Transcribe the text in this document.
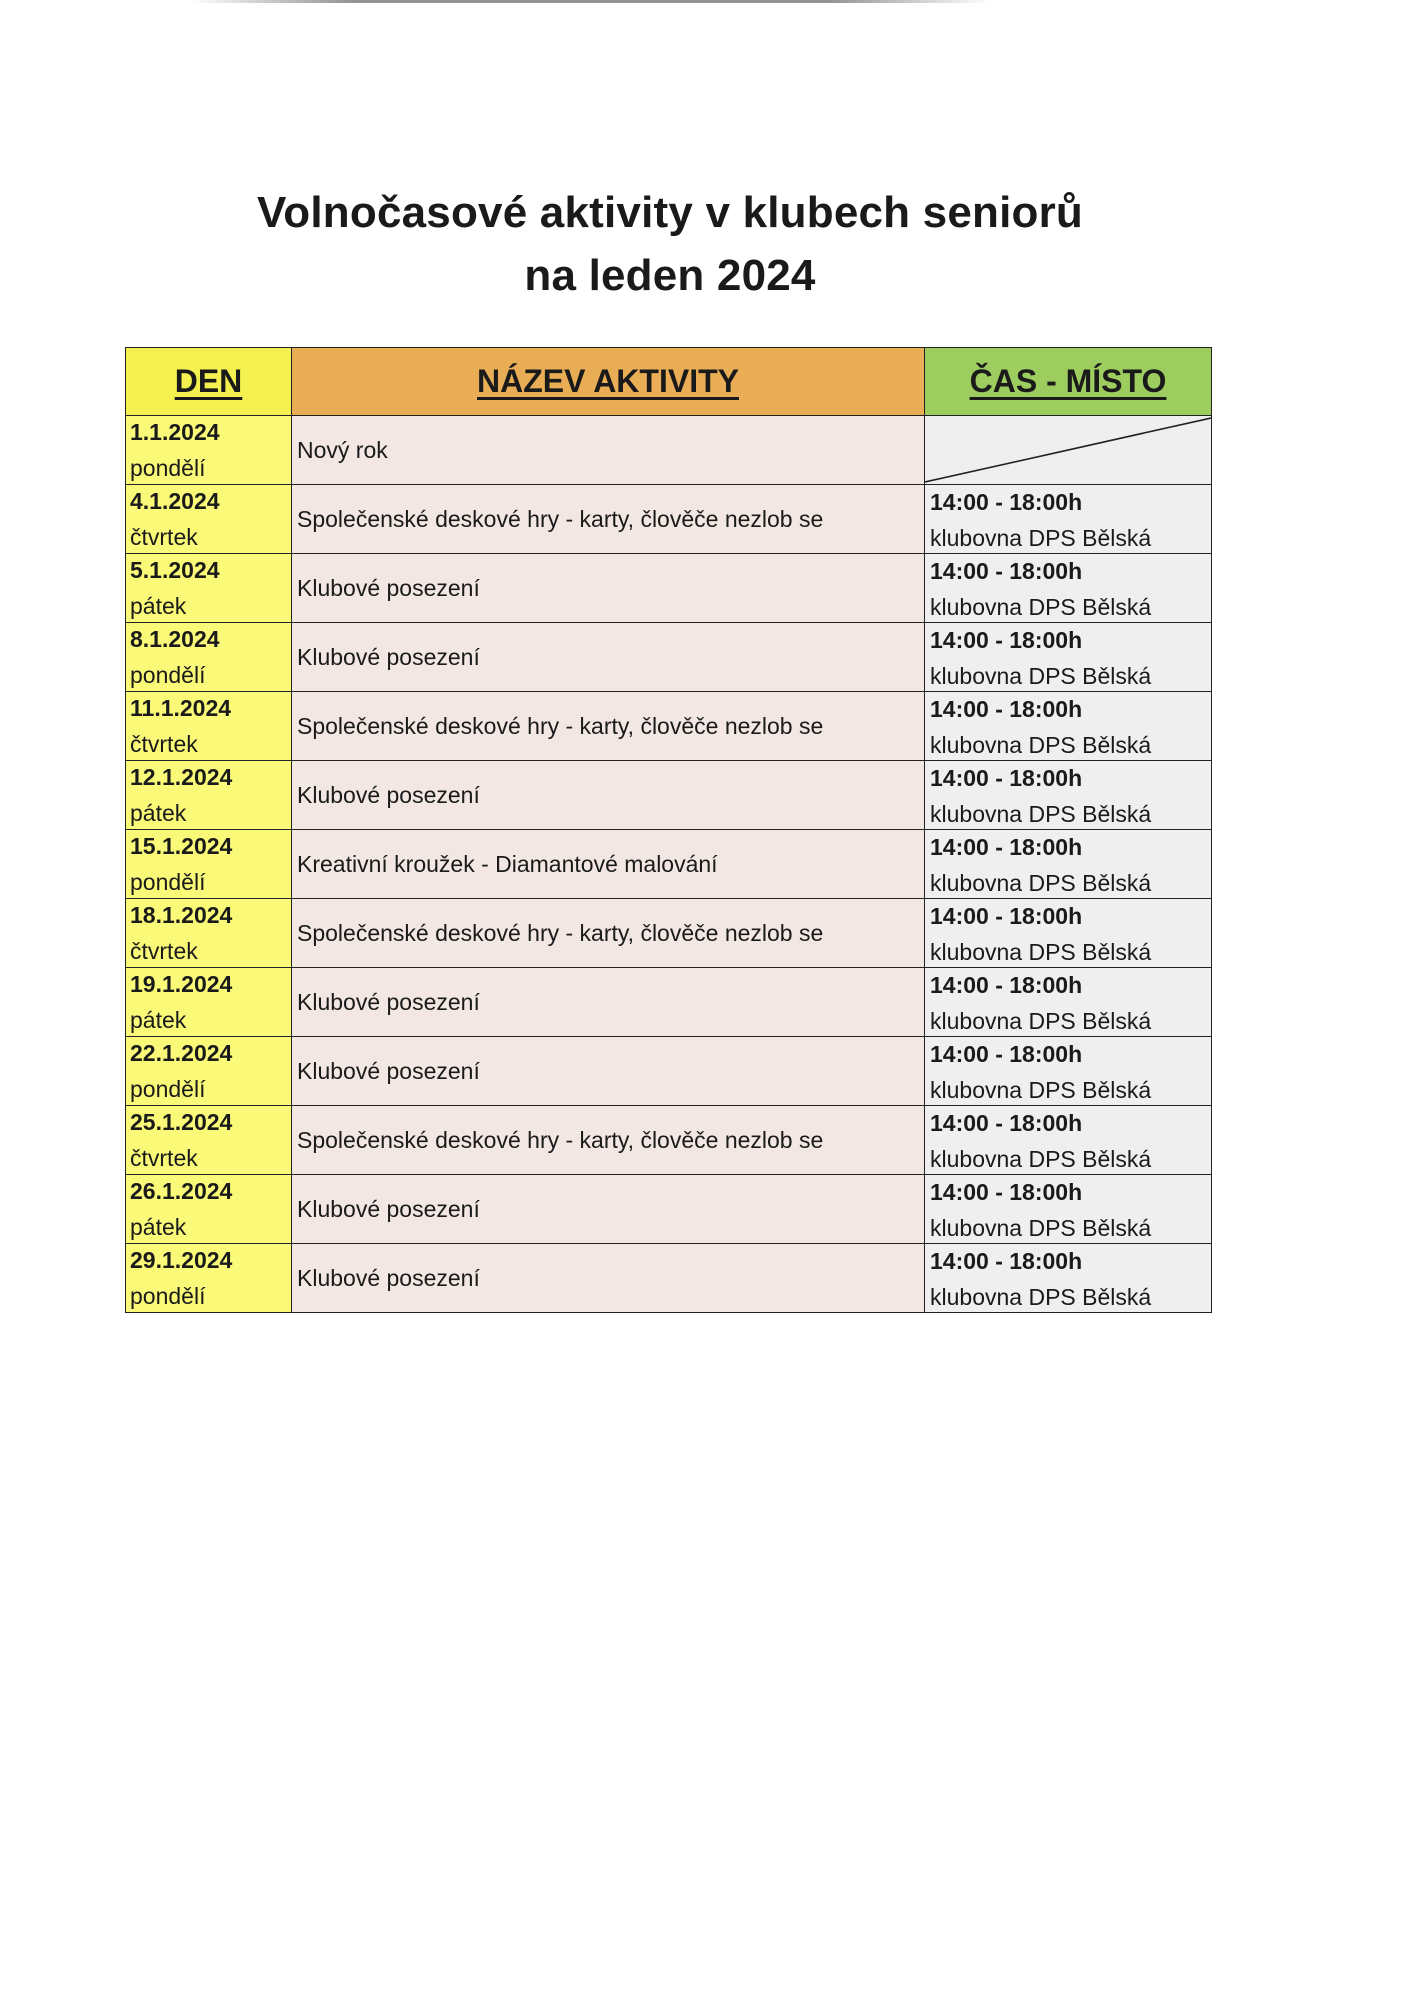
Volnočasové aktivity v klubech seniorů
na leden 2024
DEN	NÁZEV AKTIVITY	ČAS - MÍSTO

1.1.2024
pondělí	Nový rok

4.1.2024
čtvrtek	Společenské deskové hry - karty, člověče nezlob se	14:00 - 18:00h
klubovna DPS Bělská

5.1.2024
pátek	Klubové posezení	14:00 - 18:00h
klubovna DPS Bělská

8.1.2024
pondělí	Klubové posezení	14:00 - 18:00h
klubovna DPS Bělská

11.1.2024
čtvrtek	Společenské deskové hry - karty, člověče nezlob se	14:00 - 18:00h
klubovna DPS Bělská

12.1.2024
pátek	Klubové posezení	14:00 - 18:00h
klubovna DPS Bělská

15.1.2024
pondělí	Kreativní kroužek - Diamantové malování	14:00 - 18:00h
klubovna DPS Bělská

18.1.2024
čtvrtek	Společenské deskové hry - karty, člověče nezlob se	14:00 - 18:00h
klubovna DPS Bělská

19.1.2024
pátek	Klubové posezení	14:00 - 18:00h
klubovna DPS Bělská

22.1.2024
pondělí	Klubové posezení	14:00 - 18:00h
klubovna DPS Bělská

25.1.2024
čtvrtek	Společenské deskové hry - karty, člověče nezlob se	14:00 - 18:00h
klubovna DPS Bělská

26.1.2024
pátek	Klubové posezení	14:00 - 18:00h
klubovna DPS Bělská

29.1.2024
pondělí	Klubové posezení	14:00 - 18:00h
klubovna DPS Bělská
